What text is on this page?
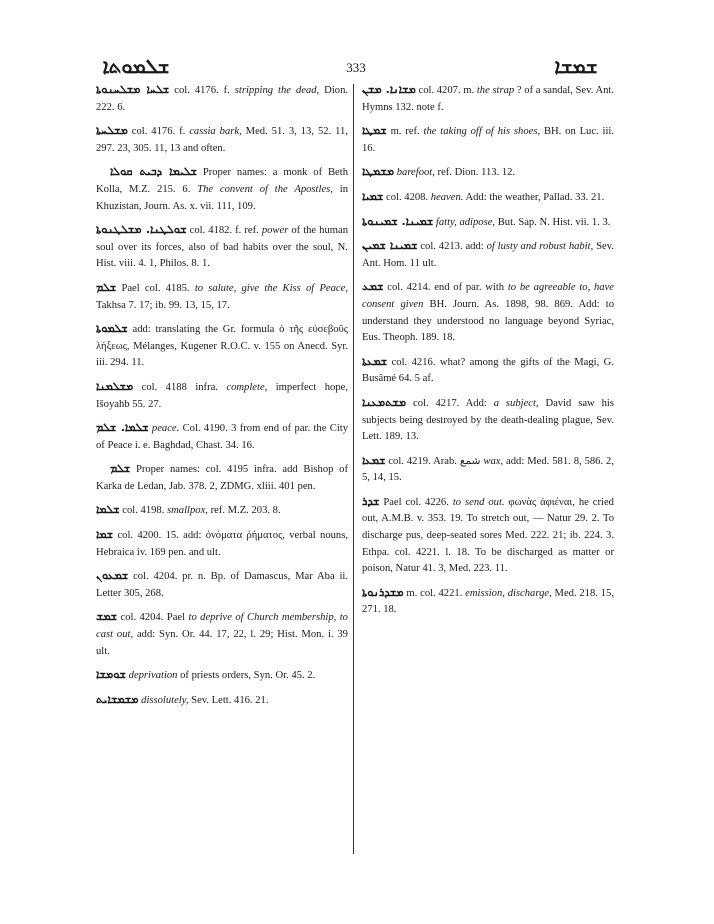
ܫܠܡܘܬܐ	333	ܫܡܫܐ
ܫܠܚܐ ܡܫܠܚܢܘܬܐ col. 4176. f. stripping the dead, Dion. 222. 6.
ܡܫܠܚܬܐ col. 4176. f. cassia bark, Med. 51. 3, 13, 52. 11, 297. 23, 305. 11, 13 and often.
ܫܠܝܡܐ ܕܒܝܬ ܩܘܠܐ Proper names: a monk of Beth Kolla, M.Z. 215. 6. The convent of the Apostles, in Khuzistan, Journ. As. x. vii. 111, 109.
ܫܘܠܛܢܐ. ܡܫܠܛܢܘܬܐ col. 4182. f. ref. power of the human soul over its forces, also of bad habits over the soul, N. Hist. viii. 4. 1, Philos. 8. 1.
ܫܠܡ Pael col. 4185. to salute, give the Kiss of Peace, Takhsa 7. 17; ib. 99. 13, 15, 17.
ܫܠܡܘܬܐ add: translating the Gr. formula ὁ τῆς εὐσεβοῦς λήξεως, Mélanges, Kugener R.O.C. v. 155 on Anecd. Syr. iii. 294. 11.
ܡܫܠܡܢܐ col. 4188 infra. complete, imperfect hope, Išoyahb 55. 27.
ܫܠܡܐ. ܫܠܡ peace. Col. 4190. 3 from end of par. the City of Peace i. e. Baghdad, Chast. 34. 16.
ܫܠܡ Proper names: col. 4195 infra. add Bishop of Karka de Ledan, Jab. 378. 2, ZDMG. xliii. 401 pen.
ܫܠܡܐ col. 4198. smallpox, ref. M.Z. 203. 8.
ܫܡܐ col. 4200. 15. add: ὀνόματα ῥήματος, verbal nouns, Hebraica iv. 169 pen. and ult.
ܫܡܥܘܢ col. 4204. pr. n. Bp. of Damascus, Mar Aba ii. Letter 305, 268.
ܫܡܫ col. 4204. Pael to deprive of Church membership, to cast out, add: Syn. Or. 44. 17, 22, l. 29; Hist. Mon. i. 39 ult.
ܫܘܡܫܐ deprivation of priests orders, Syn. Or. 45. 2.
ܡܫܡܫܐܝܬ dissolutely, Sev. Lett. 416. 21.
ܡܫܐܢܐ. ܡܫܢ col. 4207. m. the strap ? of a sandal, Sev. Ant. Hymns 132. note f.
ܫܡܛܐ m. ref. the taking off of his shoes, BH. on Luc. iii. 16.
ܡܫܡܛܐ barefoot, ref. Dion. 113. 12.
ܫܡܝܐ col. 4208. heaven. Add: the weather, Pallad. 33. 21.
ܫܡܝܢܐ. ܫܡܝܢܘܬܐ fatty, adipose, But. Sap. N. Hist. vii. 1. 3.
ܫܡܝܢܐ ܫܡܝܢ col. 4213. add: of lusty and robust habit, Sev. Ant. Hom. 11 ult.
ܫܡܥ col. 4214. end of par. with to be agreeable to, have consent given BH. Journ. As. 1898, 98. 869. Add: to understand they understood no language beyond Syriac, Eus. Theoph. 189. 18.
ܫܡܥܬܐ col. 4216. what? among the gifts of the Magi, G. Busâmé 64. 5 af.
ܡܫܬܡܥܢܐ col. 4217. Add: a subject, David saw his subjects being destroyed by the death-dealing plague, Sev. Lett. 189. 13.
ܫܡܥܐ col. 4219. Arab. شمع wax, add: Med. 581. 8, 586. 2, 5, 14, 15.
ܫܕܪ Pael col. 4226. to send out. φωνὰς ἀφιέναι, he cried out, A.M.B. v. 353. 19. To stretch out, — Natur 29. 2. To discharge pus, deep-seated sores Med. 222. 21; ib. 224. 3. Ethpa. col. 4221. l. 18. To be discharged as matter or poison, Natur 41. 3, Med. 223. 11.
ܡܫܕܪܢܘܬܐ m. col. 4221. emission, discharge, Med. 218. 15, 271. 18.
